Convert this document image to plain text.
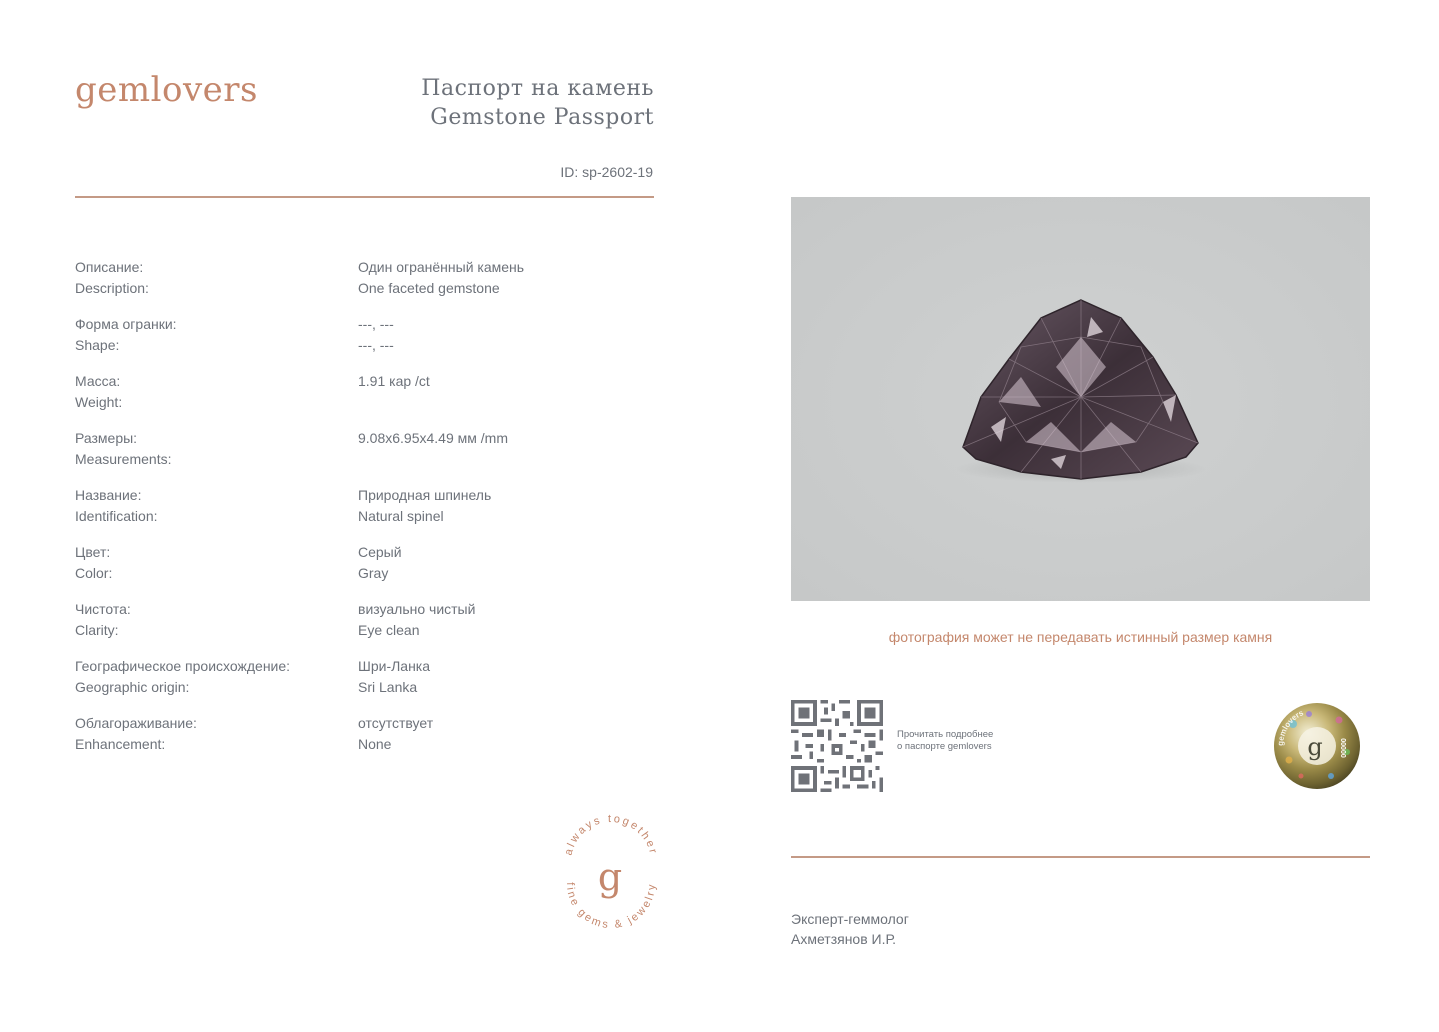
gemlovers	Паспорт на камень
Gemstone Passport
ID: sp-2602-19
Описание:
Description:
Один огранённый камень
One faceted gemstone
Форма огранки:
Shape:
---, ---
---, ---
Масса:
Weight:
1.91 кар /ct
Размеры:
Measurements:
9.08x6.95x4.49 мм /mm
Название:
Identification:
Природная шпинель
Natural spinel
Цвет:
Color:
Серый
Gray
Чистота:
Clarity:
визуально чистый
Eye clean
Географическое происхождение:
Geographic origin:
Шри-Ланка
Sri Lanka
Облагораживание:
Enhancement:
отсутствует
None
always together
fine gems & jewelry
g
фотография может не передавать истинный размер камня
Прочитать подробнее
о паспорте gemlovers	gemlovers
g 00000
Эксперт-геммолог
Ахметзянов И.Р.
